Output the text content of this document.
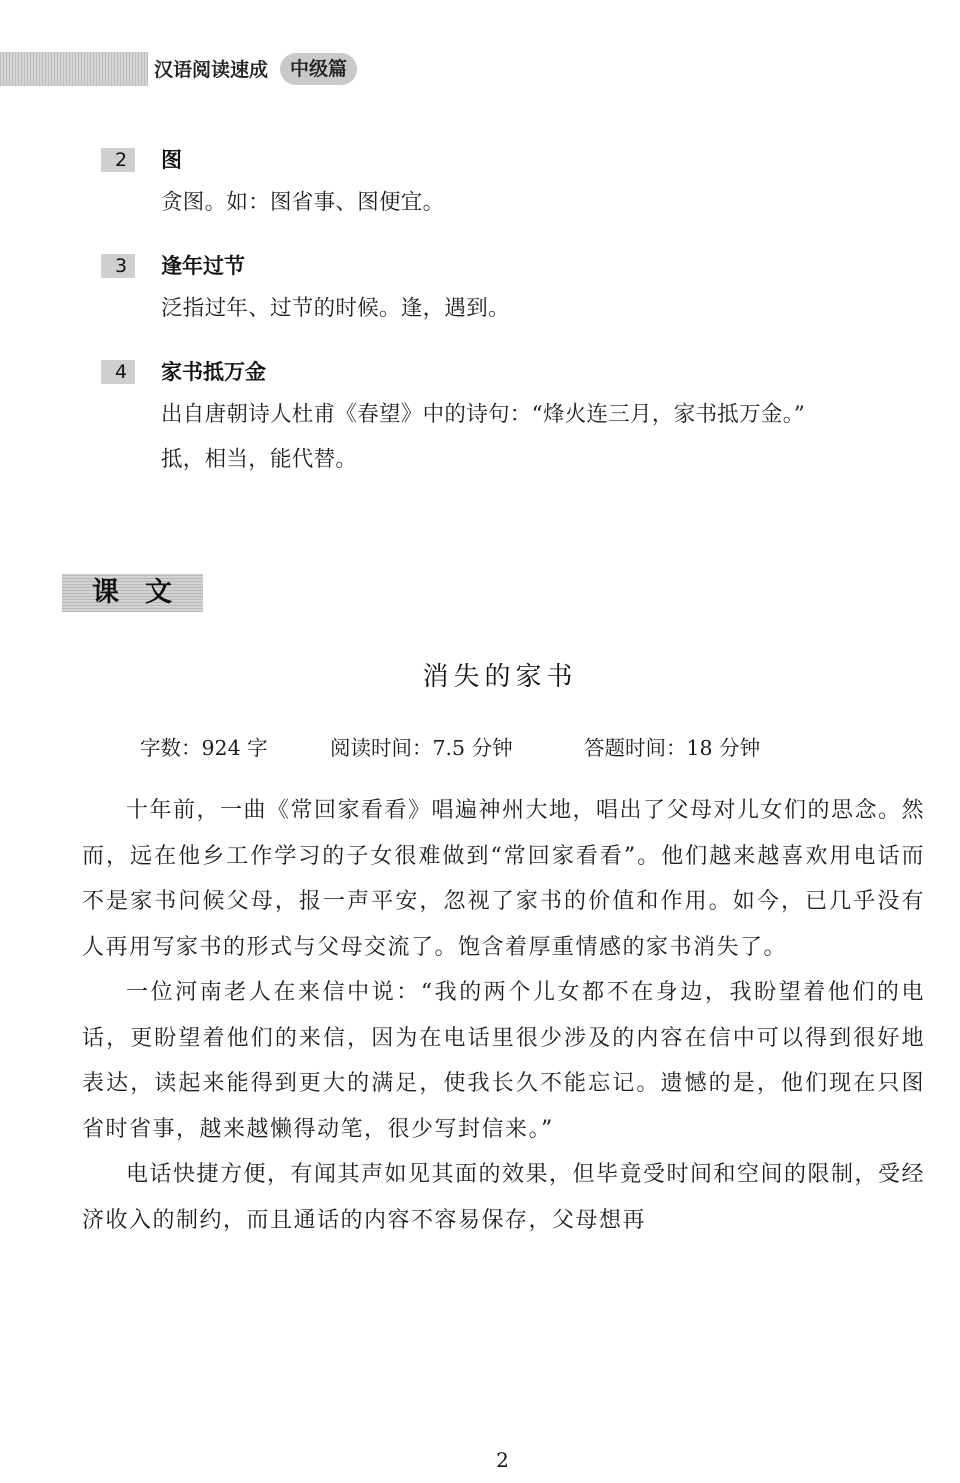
汉语阅读速成	中级篇
2	图
贪图。如：图省事、图便宜。
3	逢年过节
泛指过年、过节的时候。逢，遇到。
4	家书抵万金
出自唐朝诗人杜甫《春望》中的诗句：“烽火连三月，家书抵万金。”
抵，相当，能代替。
课文
消失的家书
字数：924 字	阅读时间：7.5 分钟	答题时间：18 分钟

十年前，一曲《常回家看看》唱遍神州大地，唱出了父母对儿女们的思念。然而，远在他乡工作学习的子女很难做到“常回家看看”。他们越来越喜欢用电话而不是家书问候父母，报一声平安，忽视了家书的价值和作用。如今，已几乎没有人再用写家书的形式与父母交流了。饱含着厚重情感的家书消失了。

一位河南老人在来信中说：“我的两个儿女都不在身边，我盼望着他们的电话，更盼望着他们的来信，因为在电话里很少涉及的内容在信中可以得到很好地表达，读起来能得到更大的满足，使我长久不能忘记。遗憾的是，他们现在只图省时省事，越来越懒得动笔，很少写封信来。”

电话快捷方便，有闻其声如见其面的效果，但毕竟受时间和空间的限制，受经济收入的制约，而且通话的内容不容易保存，父母想再

2
